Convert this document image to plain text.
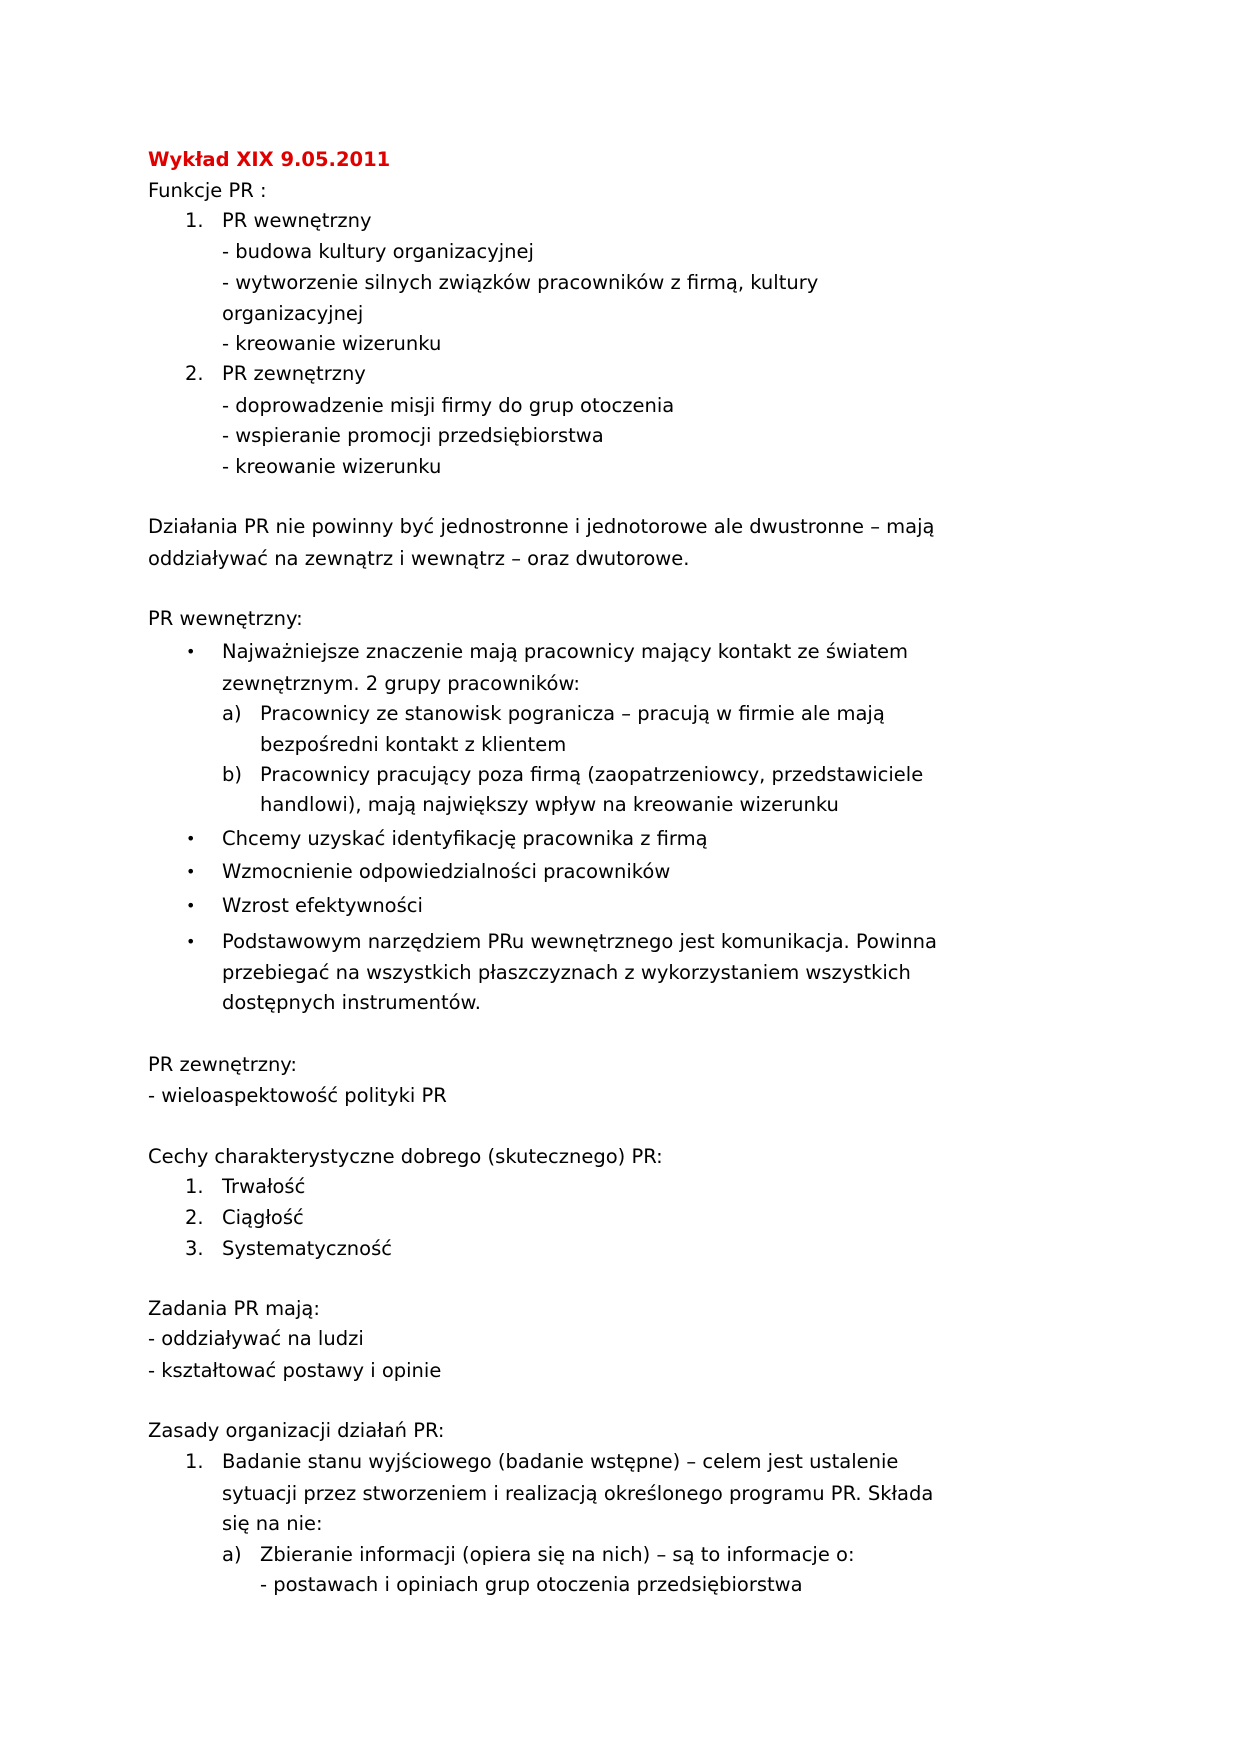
Wykład XIX 9.05.2011
Funkcje PR :
1. PR wewnętrzny
- budowa kultury organizacyjnej
- wytworzenie silnych związków pracowników z firmą, kultury
organizacyjnej
- kreowanie wizerunku
2. PR zewnętrzny
- doprowadzenie misji firmy do grup otoczenia
- wspieranie promocji przedsiębiorstwa
- kreowanie wizerunku
Działania PR nie powinny być jednostronne i jednotorowe ale dwustronne – mają
oddziaływać na zewnątrz i wewnątrz – oraz dwutorowe.
PR wewnętrzny:
• Najważniejsze znaczenie mają pracownicy mający kontakt ze światem
zewnętrznym. 2 grupy pracowników:
a) Pracownicy ze stanowisk pogranicza – pracują w firmie ale mają
bezpośredni kontakt z klientem
b) Pracownicy pracujący poza firmą (zaopatrzeniowcy, przedstawiciele
handlowi), mają największy wpływ na kreowanie wizerunku
• Chcemy uzyskać identyfikację pracownika z firmą
• Wzmocnienie odpowiedzialności pracowników
• Wzrost efektywności
• Podstawowym narzędziem PRu wewnętrznego jest komunikacja. Powinna
przebiegać na wszystkich płaszczyznach z wykorzystaniem wszystkich
dostępnych instrumentów.
PR zewnętrzny:
- wieloaspektowość polityki PR
Cechy charakterystyczne dobrego (skutecznego) PR:
1. Trwałość
2. Ciągłość
3. Systematyczność
Zadania PR mają:
- oddziaływać na ludzi
- kształtować postawy i opinie
Zasady organizacji działań PR:
1. Badanie stanu wyjściowego (badanie wstępne) – celem jest ustalenie
sytuacji przez stworzeniem i realizacją określonego programu PR. Składa
się na nie:
a) Zbieranie informacji (opiera się na nich) – są to informacje o:
- postawach i opiniach grup otoczenia przedsiębiorstwa
